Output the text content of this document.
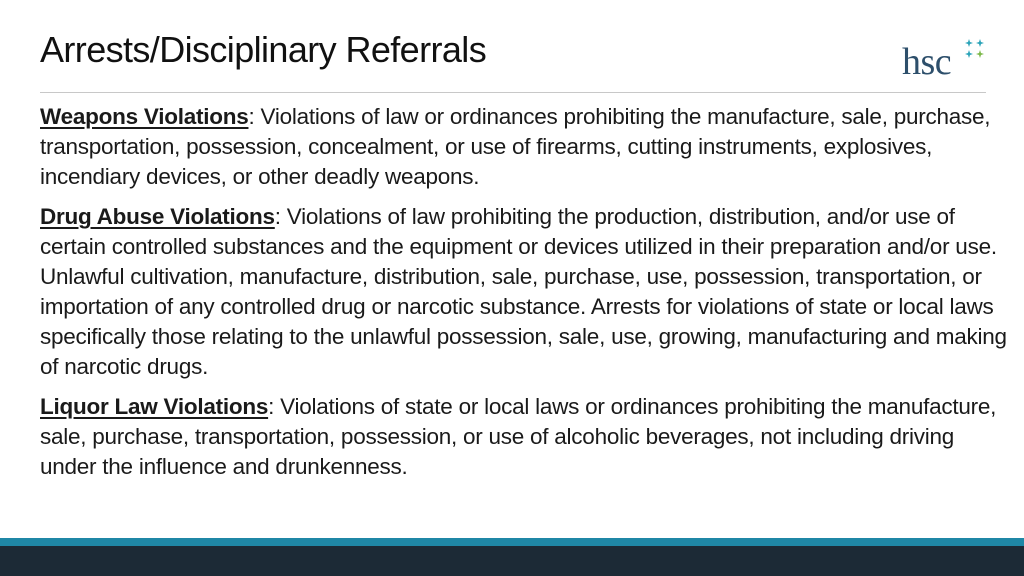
Arrests/Disciplinary Referrals	hsc

Weapons Violations: Violations of law or ordinances prohibiting the manufacture, sale, purchase, transportation, possession, concealment, or use of firearms, cutting instruments, explosives, incendiary devices, or other deadly weapons.

Drug Abuse Violations: Violations of law prohibiting the production, distribution, and/or use of certain controlled substances and the equipment or devices utilized in their preparation and/or use. Unlawful cultivation, manufacture, distribution, sale, purchase, use, possession, transportation, or importation of any controlled drug or narcotic substance. Arrests for violations of state or local laws specifically those relating to the unlawful possession, sale, use, growing, manufacturing and making of narcotic drugs.

Liquor Law Violations: Violations of state or local laws or ordinances prohibiting the manufacture, sale, purchase, transportation, possession, or use of alcoholic beverages, not including driving under the influence and drunkenness.
